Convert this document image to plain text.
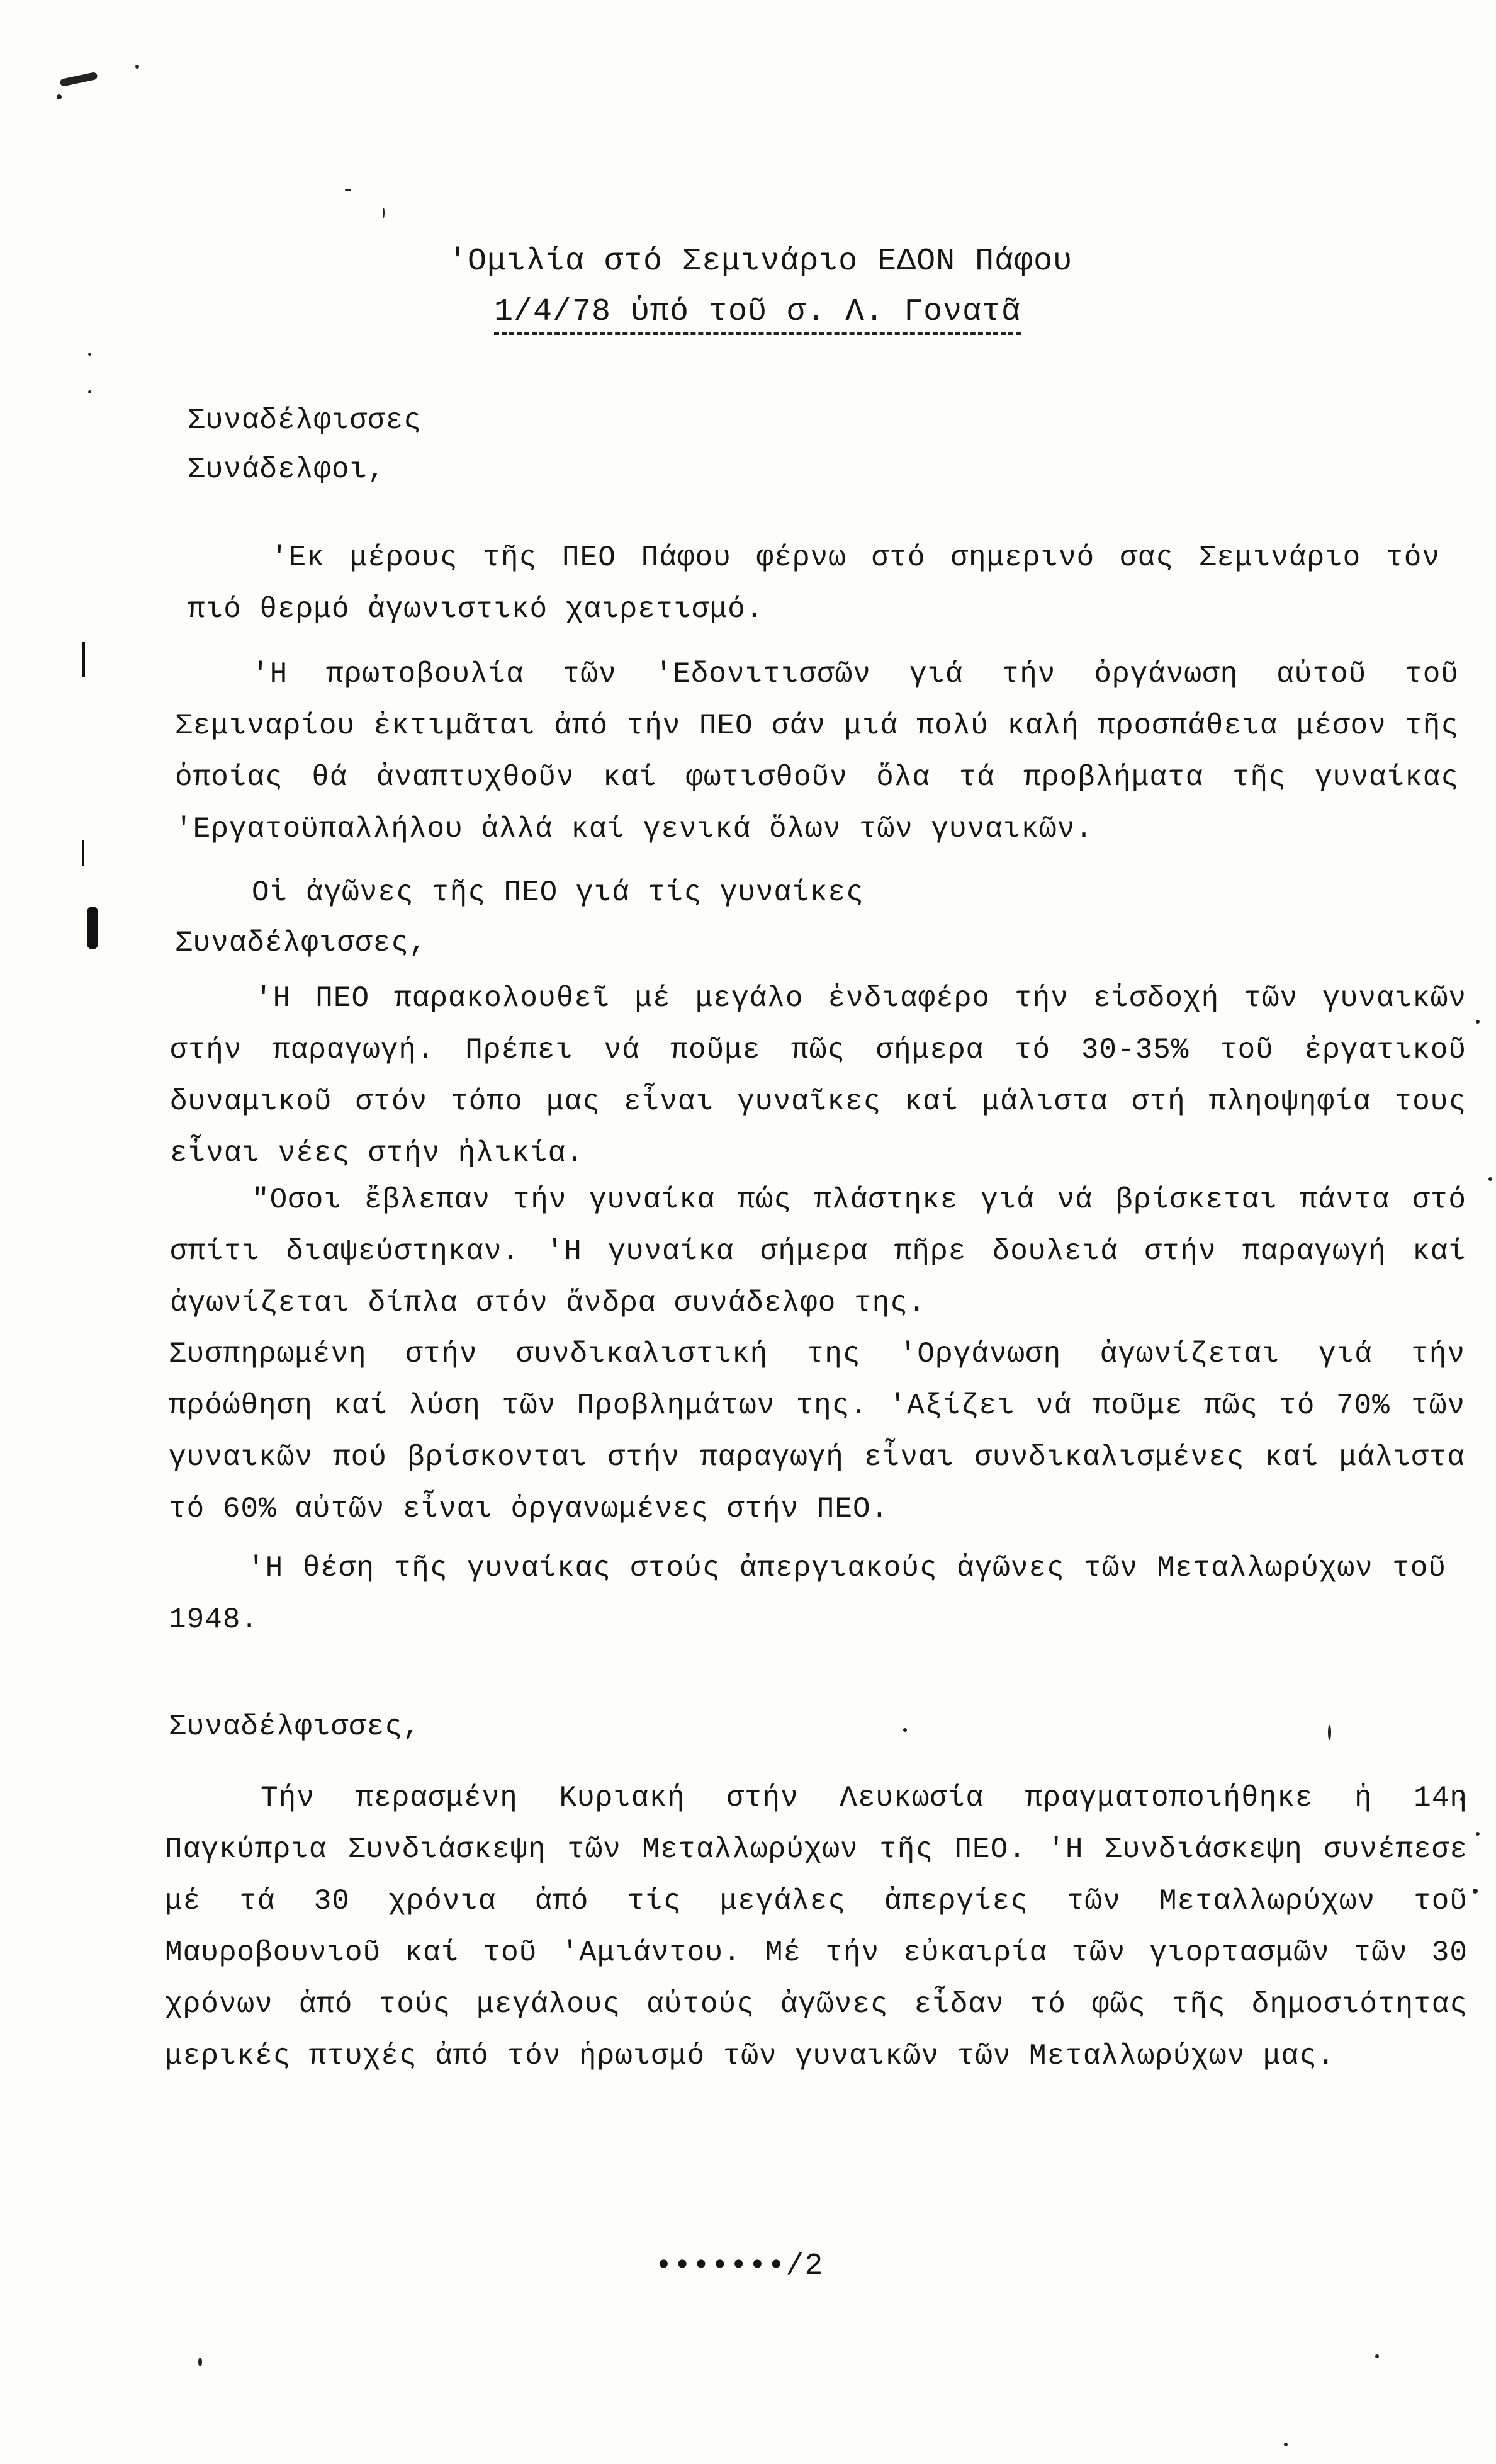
'Ομιλία στό Σεμινάριο ΕΔΟΝ Πάφου
1/4/78 ὑπό τοῦ σ. Λ. Γονατᾶ
Συναδέλφισσες
Συνάδελφοι,
'Εκ μέρους τῆς ΠΕΟ Πάφου φέρνω στό σημερινό σας Σεμινάριο τόν πιό θερμό ἀγωνιστικό χαιρετισμό.
'Η πρωτοβουλία τῶν 'Εδονιτισσῶν γιά τήν ὀργάνωση αὐτοῦ τοῦ Σεμιναρίου ἐκτιμᾶται ἀπό τήν ΠΕΟ σάν μιά πολύ καλή προσπάθεια μέσον τῆς ὁποίας θά ἀναπτυχθοῦν καί φωτισθοῦν ὅλα τά προβλήματα τῆς γυναίκας 'Εργατοϋπαλλήλου ἀλλά καί γενικά ὅλων τῶν γυναικῶν.
Οἱ ἀγῶνες τῆς ΠΕΟ γιά τίς γυναίκες
Συναδέλφισσες,
'Η ΠΕΟ παρακολουθεῖ μέ μεγάλο ἐνδιαφέρο τήν εἰσδοχή τῶν γυναικῶν στήν παραγωγή. Πρέπει νά ποῦμε πῶς σήμερα τό 30-35% τοῦ ἐργατικοῦ δυναμικοῦ στόν τόπο μας εἶναι γυναῖκες καί μάλιστα στή πληοψηφία τους εἶναι νέες στήν ἡλικία.
"Οσοι ἔβλεπαν τήν γυναίκα πώς πλάστηκε γιά νά βρίσκεται πάντα στό σπίτι διαψεύστηκαν. 'Η γυναίκα σήμερα πῆρε δουλειά στήν παραγωγή καί ἀγωνίζεται δίπλα στόν ἄνδρα συνάδελφο της.
Συσπηρωμένη στήν συνδικαλιστική της 'Οργάνωση ἀγωνίζεται γιά τήν πρόώθηση καί λύση τῶν Προβλημάτων της. 'Αξίζει νά ποῦμε πῶς τό 70% τῶν γυναικῶν πού βρίσκονται στήν παραγωγή εἶναι συνδικαλισμένες καί μάλιστα τό 60% αὐτῶν εἶναι ὀργανωμένες στήν ΠΕΟ.
'Η θέση τῆς γυναίκας στούς ἀπεργιακούς ἀγῶνες τῶν Μεταλλωρύχων τοῦ 1948.
Συναδέλφισσες,
Τήν περασμένη Κυριακή στήν Λευκωσία πραγματοποιήθηκε ἡ 14η Παγκύπρια Συνδιάσκεψη τῶν Μεταλλωρύχων τῆς ΠΕΟ. 'Η Συνδιάσκεψη συνέπεσε μέ τά 30 χρόνια ἀπό τίς μεγάλες ἀπεργίες τῶν Μεταλλωρύχων τοῦ Μαυροβουνιοῦ καί τοῦ 'Αμιάντου. Μέ τήν εὐκαιρία τῶν γιορτασμῶν τῶν 30 χρόνων ἀπό τούς μεγάλους αὐτούς ἀγῶνες εἶδαν τό φῶς τῆς δημοσιότητας μερικές πτυχές ἀπό τόν ἡρωισμό τῶν γυναικῶν τῶν Μεταλλωρύχων μας.
•••••••/2
